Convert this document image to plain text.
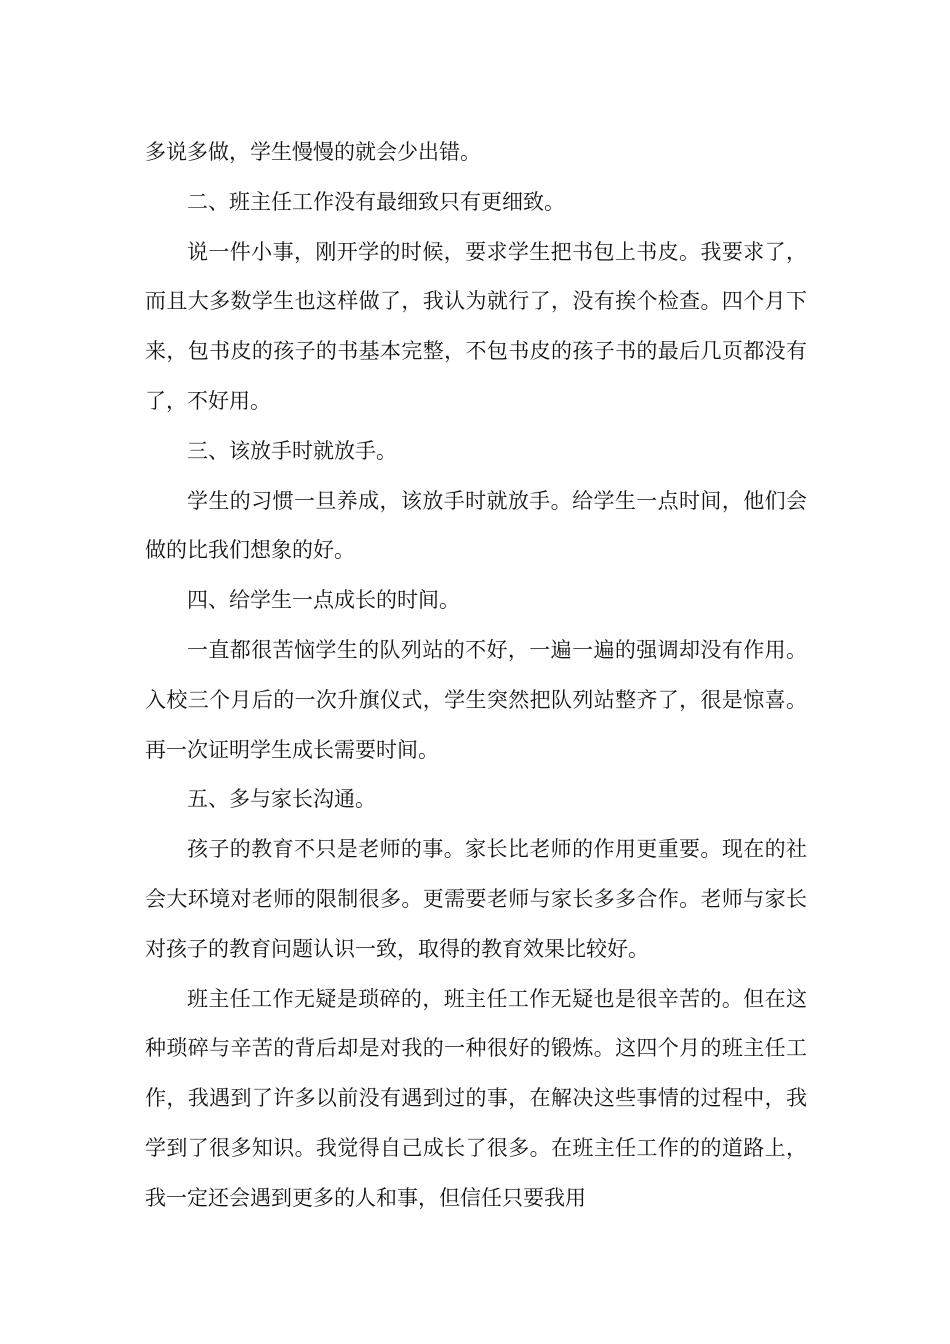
多说多做，学生慢慢的就会少出错。

二、班主任工作没有最细致只有更细致。

说一件小事，刚开学的时候，要求学生把书包上书皮。我要求了，而且大多数学生也这样做了，我认为就行了，没有挨个检查。四个月下来，包书皮的孩子的书基本完整，不包书皮的孩子书的最后几页都没有了，不好用。

三、该放手时就放手。

学生的习惯一旦养成，该放手时就放手。给学生一点时间，他们会做的比我们想象的好。

四、给学生一点成长的时间。

一直都很苦恼学生的队列站的不好，一遍一遍的强调却没有作用。入校三个月后的一次升旗仪式，学生突然把队列站整齐了，很是惊喜。再一次证明学生成长需要时间。

五、多与家长沟通。

孩子的教育不只是老师的事。家长比老师的作用更重要。现在的社会大环境对老师的限制很多。更需要老师与家长多多合作。老师与家长对孩子的教育问题认识一致，取得的教育效果比较好。

班主任工作无疑是琐碎的，班主任工作无疑也是很辛苦的。但在这种琐碎与辛苦的背后却是对我的一种很好的锻炼。这四个月的班主任工作，我遇到了许多以前没有遇到过的事，在解决这些事情的过程中，我学到了很多知识。我觉得自己成长了很多。在班主任工作的的道路上，我一定还会遇到更多的人和事，但信任只要我用
